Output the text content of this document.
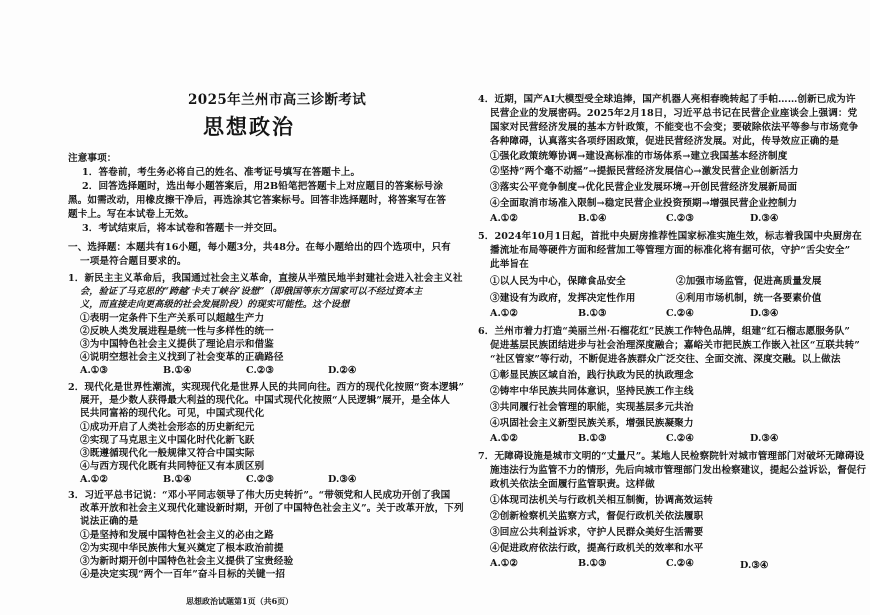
2025年兰州市高三诊断考试
思想政治
注意事项：
1．答卷前，考生务必将自己的姓名、准考证号填写在答题卡上。
2．回答选择题时，选出每小题答案后，用2B铅笔把答题卡上对应题目的答案标号涂
黑。如需改动，用橡皮擦干净后，再选涂其它答案标号。回答非选择题时，将答案写在答
题卡上。写在本试卷上无效。
3．考试结束后，将本试卷和答题卡一并交回。
一、选择题：本题共有16小题，每小题3分，共48分。在每小题给出的四个选项中，只有
一项是符合题目要求的。
1．新民主主义革命后，我国通过社会主义革命，直接从半殖民地半封建社会进入社会主义社
会，验证了马克思的“跨越‘卡夫丁峡谷’设想”（即俄国等东方国家可以不经过资本主
义，而直接走向更高级的社会发展阶段）的现实可能性。这个设想
①表明一定条件下生产关系可以超越生产力
②反映人类发展进程是统一性与多样性的统一
③为中国特色社会主义提供了理论启示和借鉴
④说明空想社会主义找到了社会变革的正确路径
A.①③	B.①④	C.②③	D.②④
2．现代化是世界性潮流，实现现代化是世界人民的共同向往。西方的现代化按照“资本逻辑”
展开，是少数人获得最大利益的现代化。中国式现代化按照“人民逻辑”展开，是全体人
民共同富裕的现代化。可见，中国式现代化
①成功开启了人类社会形态的历史新纪元
②实现了马克思主义中国化时代化新飞跃
③既遵循现代化一般规律又符合中国实际
④与西方现代化既有共同特征又有本质区别
A.①②	B.①④	C.②③	D.③④
3．习近平总书记说：“邓小平同志领导了伟大历史转折”。“带领党和人民成功开创了我国
改革开放和社会主义现代化建设新时期，开创了中国特色社会主义”。关于改革开放，下列
说法正确的是
①是坚持和发展中国特色社会主义的必由之路
②为实现中华民族伟大复兴奠定了根本政治前提
③为新时期开创中国特色社会主义提供了宝贵经验
④是决定实现“两个一百年”奋斗目标的关键一招
思想政治试题第1页（共6页）
4．近期，国产AI大模型受全球追捧，国产机器人亮相春晚转起了手帕……创新已成为许
民营企业的发展密码。2025年2月18日，习近平总书记在民营企业座谈会上强调：党
国家对民营经济发展的基本方针政策，不能变也不会变；要破除依法平等参与市场竞争
各种障碍，认真落实各项纾困政策，促进民营经济发展。对此，传导效应正确的是
①强化政策统筹协调→建设高标准的市场体系→建立我国基本经济制度
②坚持“两个毫不动摇”→提振民营经济发展信心→激发民营企业创新活力
③落实公平竞争制度→优化民营企业发展环境→开创民营经济发展新局面
④全面取消市场准入限制→稳定民营企业投资预期→增强民营企业控制力
A.①②	B.①④	C.②③	D.③④
5．2024年10月1日起，首批中央厨房推荐性国家标准实施生效，标志着我国中央厨房在
播流址布局等硬件方面和经营加工等管理方面的标准化将有据可依，守护“舌尖安全”
此举旨在
①以人民为中心，保障食品安全	②加强市场监管，促进高质量发展
③建设有为政府，发挥决定性作用	④利用市场机制，统一各要素价值
A.①②	B.①③	C.②④	D.③④
6．兰州市着力打造“美丽兰州·石榴花红”民族工作特色品牌，组建“红石榴志愿服务队”
促进基层民族团结进步与社会治理深度融合；嘉峪关市把民族工作嵌入社区“互联共转”
“社区管家”等行动，不断促进各族群众广泛交往、全面交流、深度交融。以上做法
①彰显民族区域自治，践行执政为民的执政理念
②铸牢中华民族共同体意识，坚持民族工作主线
③共同履行社会管理的职能，实现基层多元共治
④巩固社会主义新型民族关系，增强民族凝聚力
A.①②	B.①③	C.②④	D.③④
7．无障碍设施是城市文明的“丈量尺”。某地人民检察院针对城市管理部门对破坏无障碍设
施违法行为监管不力的情形，先后向城市管理部门发出检察建议，提起公益诉讼，督促行
政机关依法全面履行监管职责。这样做
①体现司法机关与行政机关相互制衡，协调高效运转
②创新检察机关监察方式，督促行政机关依法履职
③回应公共利益诉求，守护人民群众美好生活需要
④促进政府依法行政，提高行政机关的效率和水平
A.①②	B.①③	C.②④	D.③④
